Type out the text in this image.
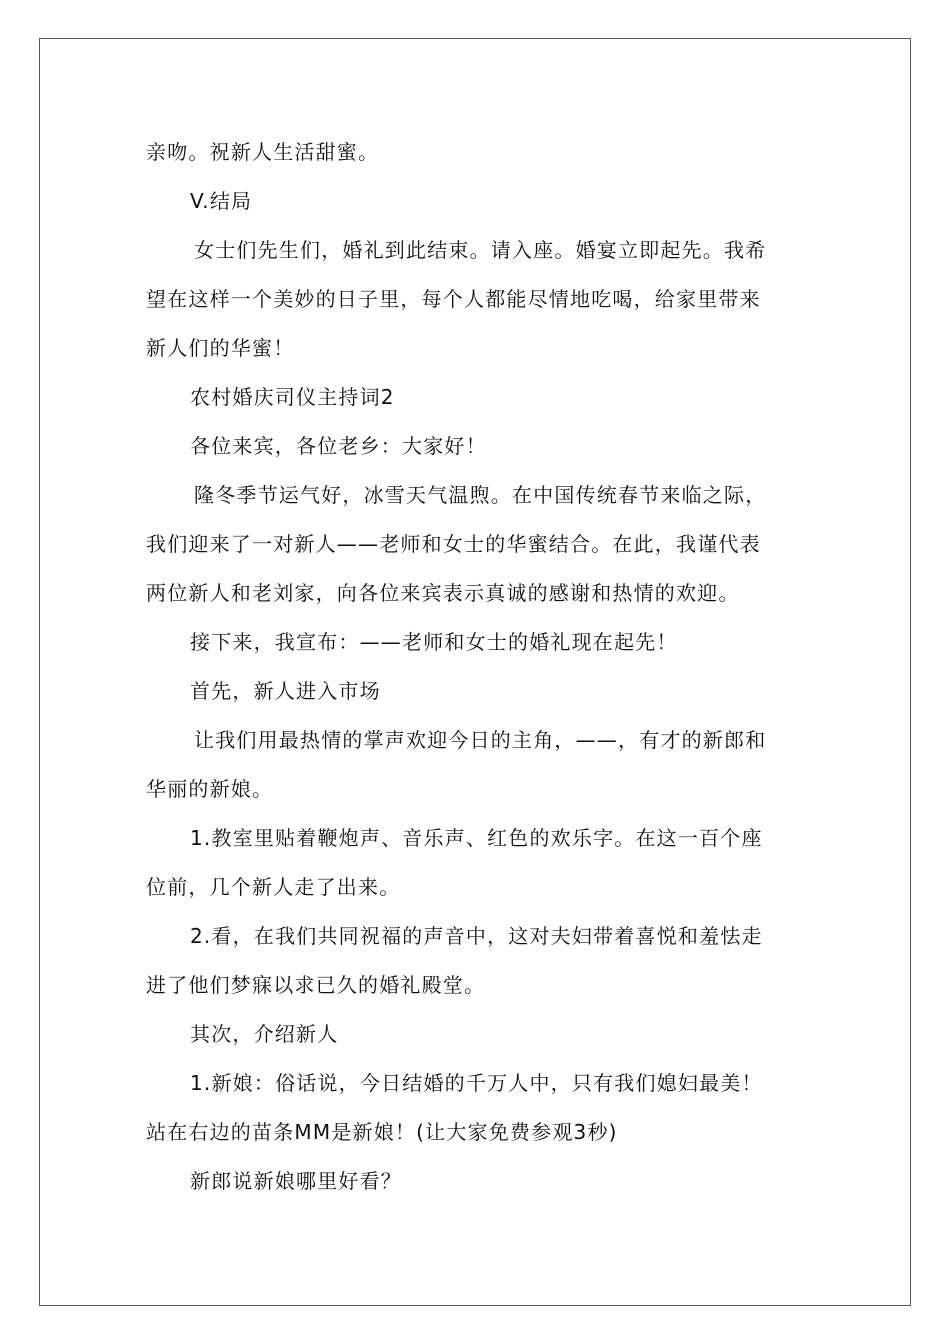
亲吻。祝新人生活甜蜜。
V.结局
女士们先生们，婚礼到此结束。请入座。婚宴立即起先。我希
望在这样一个美妙的日子里，每个人都能尽情地吃喝，给家里带来
新人们的华蜜！
农村婚庆司仪主持词2
各位来宾，各位老乡：大家好！
隆冬季节运气好，冰雪天气温煦。在中国传统春节来临之际，
我们迎来了一对新人——老师和女士的华蜜结合。在此，我谨代表
两位新人和老刘家，向各位来宾表示真诚的感谢和热情的欢迎。
接下来，我宣布：——老师和女士的婚礼现在起先！
首先，新人进入市场
让我们用最热情的掌声欢迎今日的主角，——，有才的新郎和
华丽的新娘。
1.教室里贴着鞭炮声、音乐声、红色的欢乐字。在这一百个座
位前，几个新人走了出来。
2.看，在我们共同祝福的声音中，这对夫妇带着喜悦和羞怯走
进了他们梦寐以求已久的婚礼殿堂。
其次，介绍新人
1.新娘：俗话说，今日结婚的千万人中，只有我们媳妇最美！
站在右边的苗条MM是新娘！(让大家免费参观3秒)
新郎说新娘哪里好看？
